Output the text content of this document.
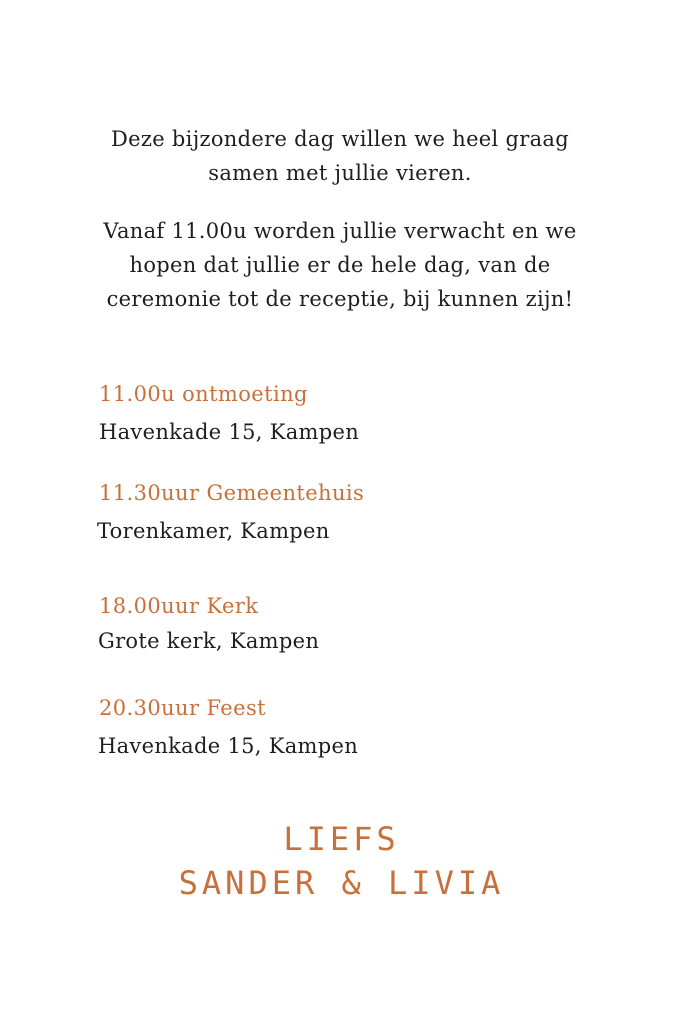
Deze bijzondere dag willen we heel graag samen met jullie vieren.

Vanaf 11.00u worden jullie verwacht en we hopen dat jullie er de hele dag, van de ceremonie tot de receptie, bij kunnen zijn!

11.00u ontmoeting

Havenkade 15, Kampen

11.30uur Gemeentehuis

Torenkamer, Kampen

18.00uur Kerk

Grote kerk, Kampen

20.30uur Feest

Havenkade 15, Kampen

LIEFS

SANDER & LIVIA
